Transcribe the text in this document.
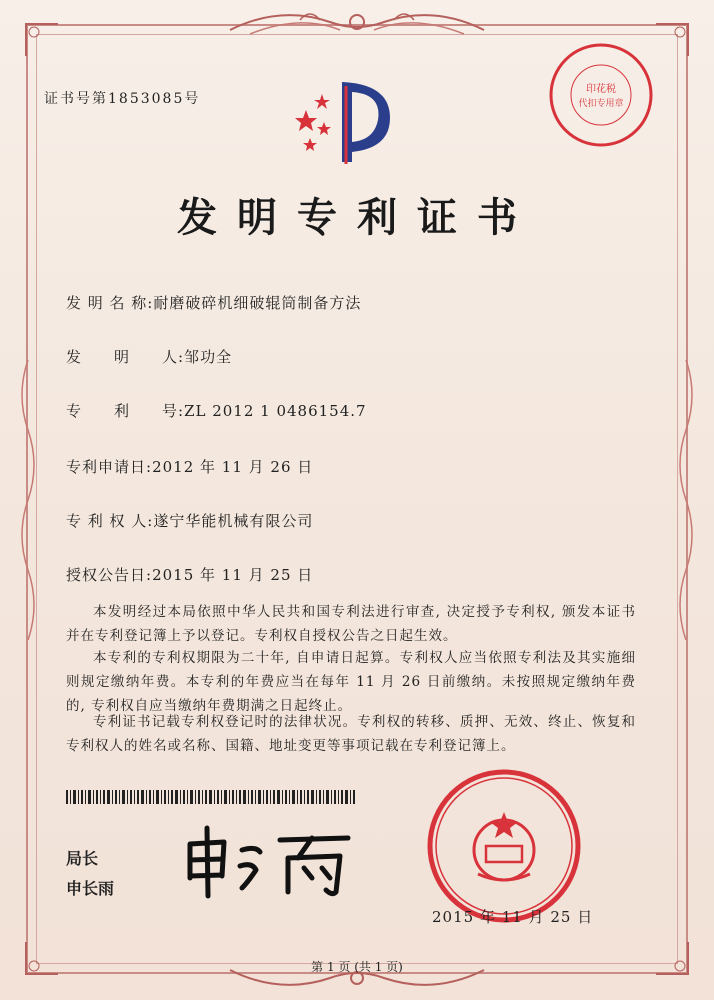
证书号第1853085号
印花税
代扣专用章
发明专利证书
发 明 名 称:耐磨破碎机细破辊筒制备方法
发　　明　　人:邹功全
专　　利　　号:ZL 2012 1 0486154.7
专利申请日:2012 年 11 月 26 日
专 利 权 人:遂宁华能机械有限公司
授权公告日:2015 年 11 月 25 日
本发明经过本局依照中华人民共和国专利法进行审查, 决定授予专利权, 颁发本证书并在专利登记簿上予以登记。专利权自授权公告之日起生效。
本专利的专利权期限为二十年, 自申请日起算。专利权人应当依照专利法及其实施细则规定缴纳年费。本专利的年费应当在每年 11 月 26 日前缴纳。未按照规定缴纳年费的, 专利权自应当缴纳年费期满之日起终止。
专利证书记载专利权登记时的法律状况。专利权的转移、质押、无效、终止、恢复和专利权人的姓名或名称、国籍、地址变更等事项记载在专利登记簿上。
局长
申长雨
2015 年 11 月 25 日
第 1 页 (共 1 页)
